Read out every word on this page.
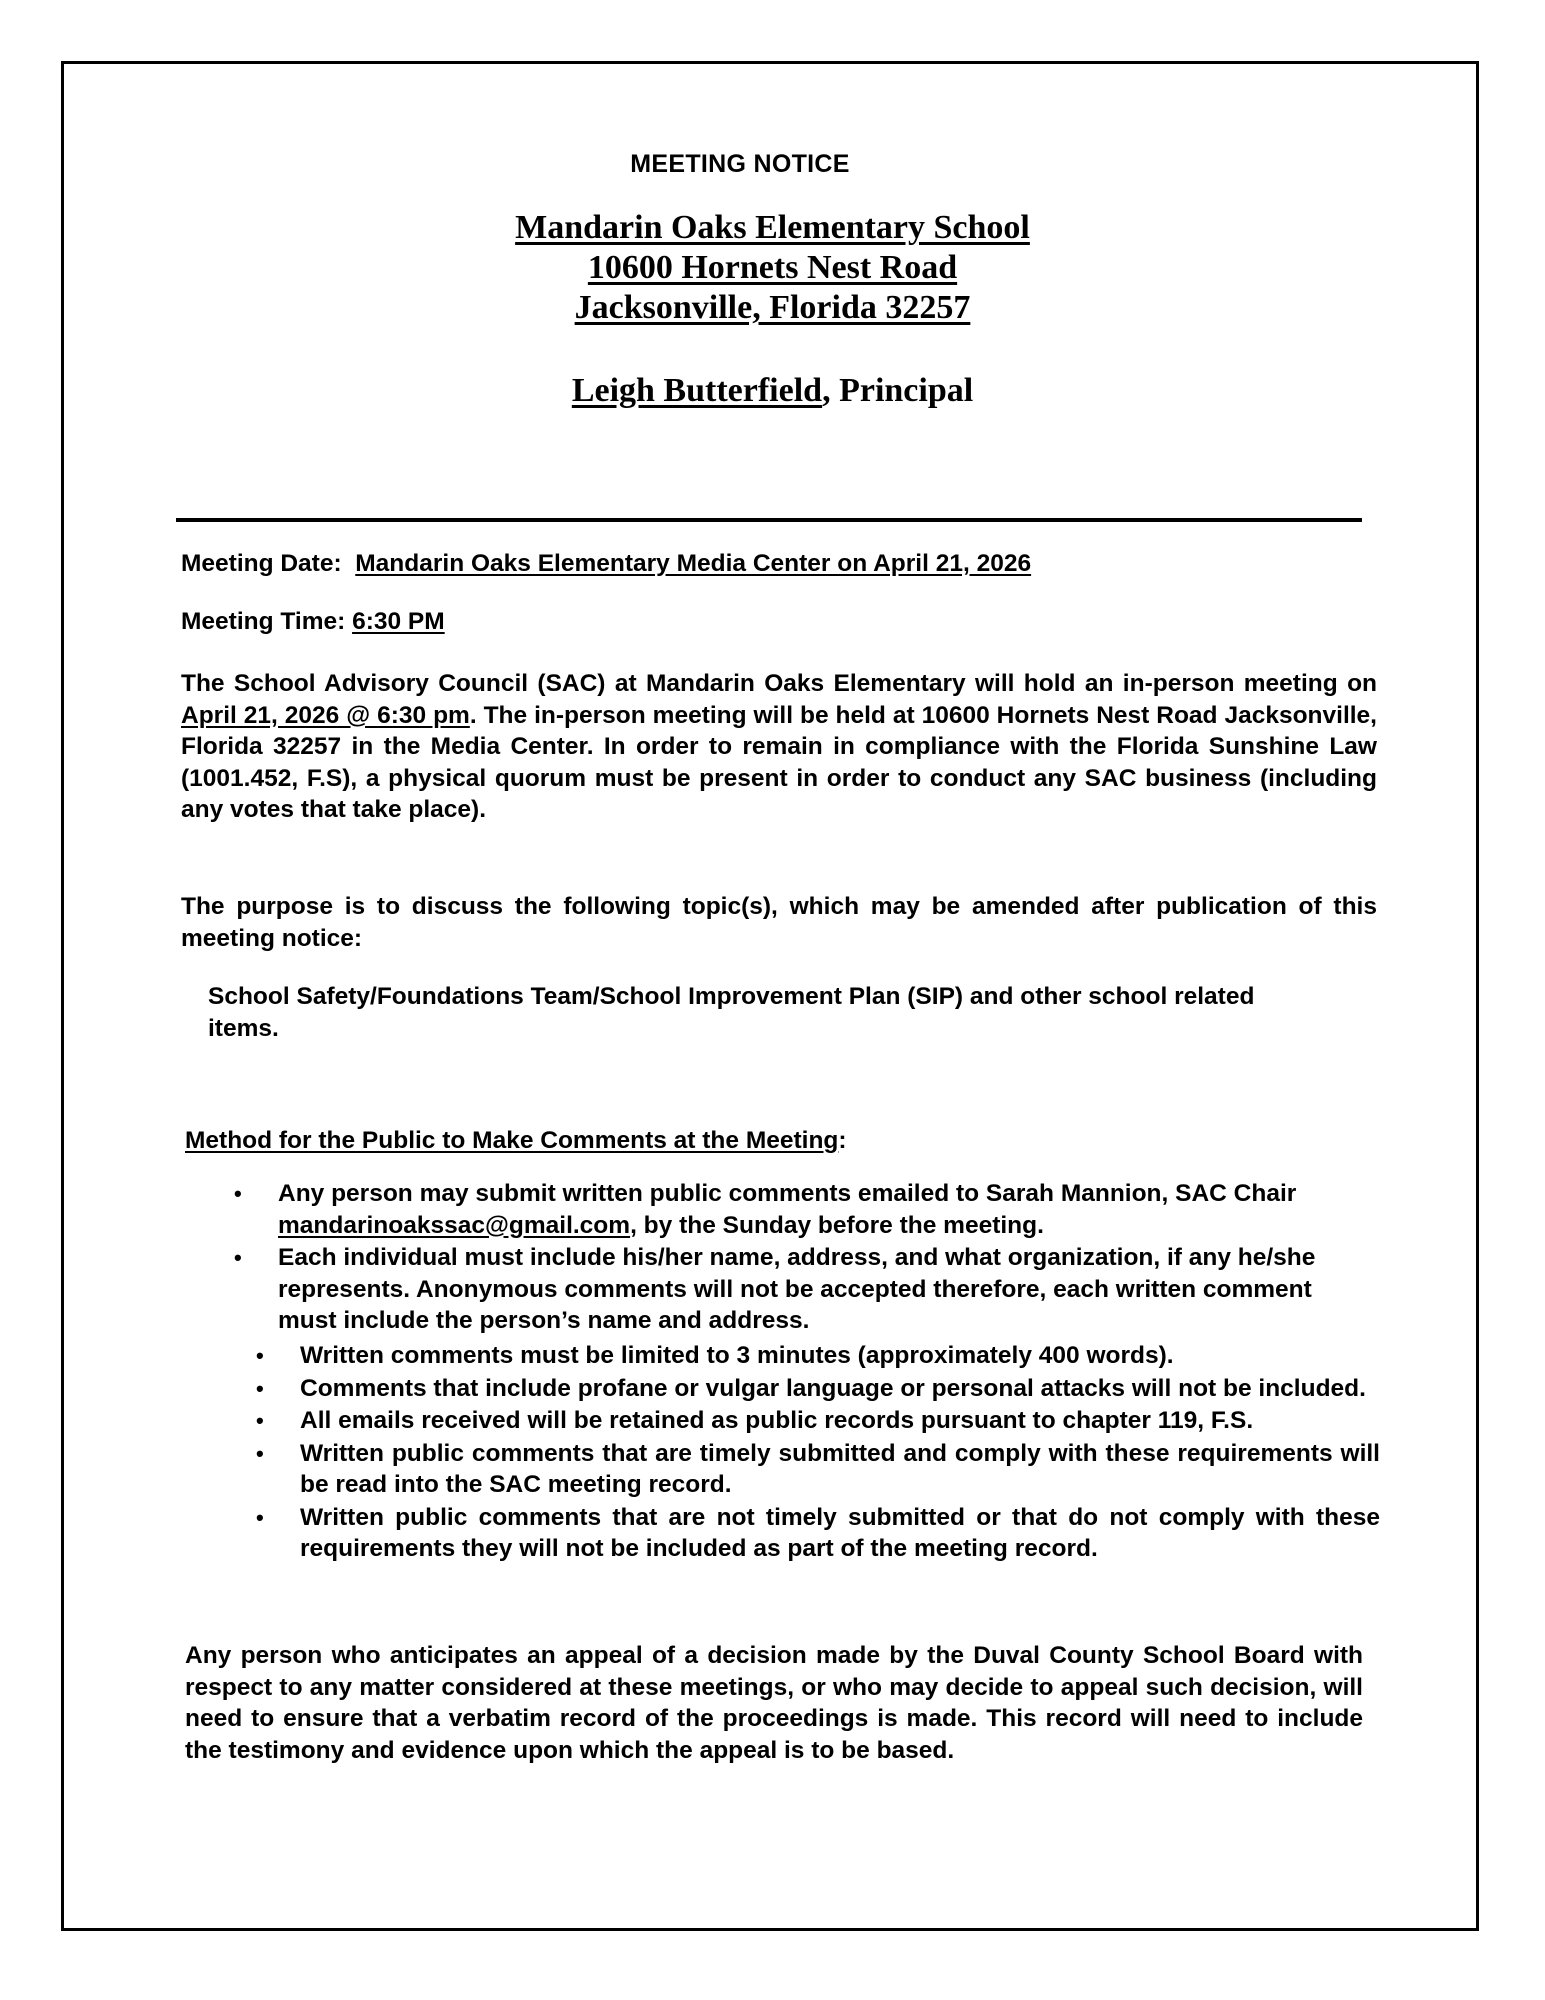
MEETING NOTICE
Mandarin Oaks Elementary School
10600 Hornets Nest Road
Jacksonville, Florida 32257
Leigh Butterfield, Principal
Meeting Date: Mandarin Oaks Elementary Media Center on April 21, 2026
Meeting Time: 6:30 PM
The School Advisory Council (SAC) at Mandarin Oaks Elementary will hold an in-person meeting on April 21, 2026 @ 6:30 pm. The in-person meeting will be held at 10600 Hornets Nest Road Jacksonville, Florida 32257 in the Media Center. In order to remain in compliance with the Florida Sunshine Law (1001.452, F.S), a physical quorum must be present in order to conduct any SAC business (including any votes that take place).
The purpose is to discuss the following topic(s), which may be amended after publication of this meeting notice:
School Safety/Foundations Team/School Improvement Plan (SIP) and other school related items.
Method for the Public to Make Comments at the Meeting:
• Any person may submit written public comments emailed to Sarah Mannion, SAC Chair mandarinoakssac@gmail.com, by the Sunday before the meeting.
• Each individual must include his/her name, address, and what organization, if any he/she represents. Anonymous comments will not be accepted therefore, each written comment must include the person’s name and address.
• Written comments must be limited to 3 minutes (approximately 400 words).
• Comments that include profane or vulgar language or personal attacks will not be included.
• All emails received will be retained as public records pursuant to chapter 119, F.S.
• Written public comments that are timely submitted and comply with these requirements will be read into the SAC meeting record.
• Written public comments that are not timely submitted or that do not comply with these requirements they will not be included as part of the meeting record.
Any person who anticipates an appeal of a decision made by the Duval County School Board with respect to any matter considered at these meetings, or who may decide to appeal such decision, will need to ensure that a verbatim record of the proceedings is made. This record will need to include the testimony and evidence upon which the appeal is to be based.
